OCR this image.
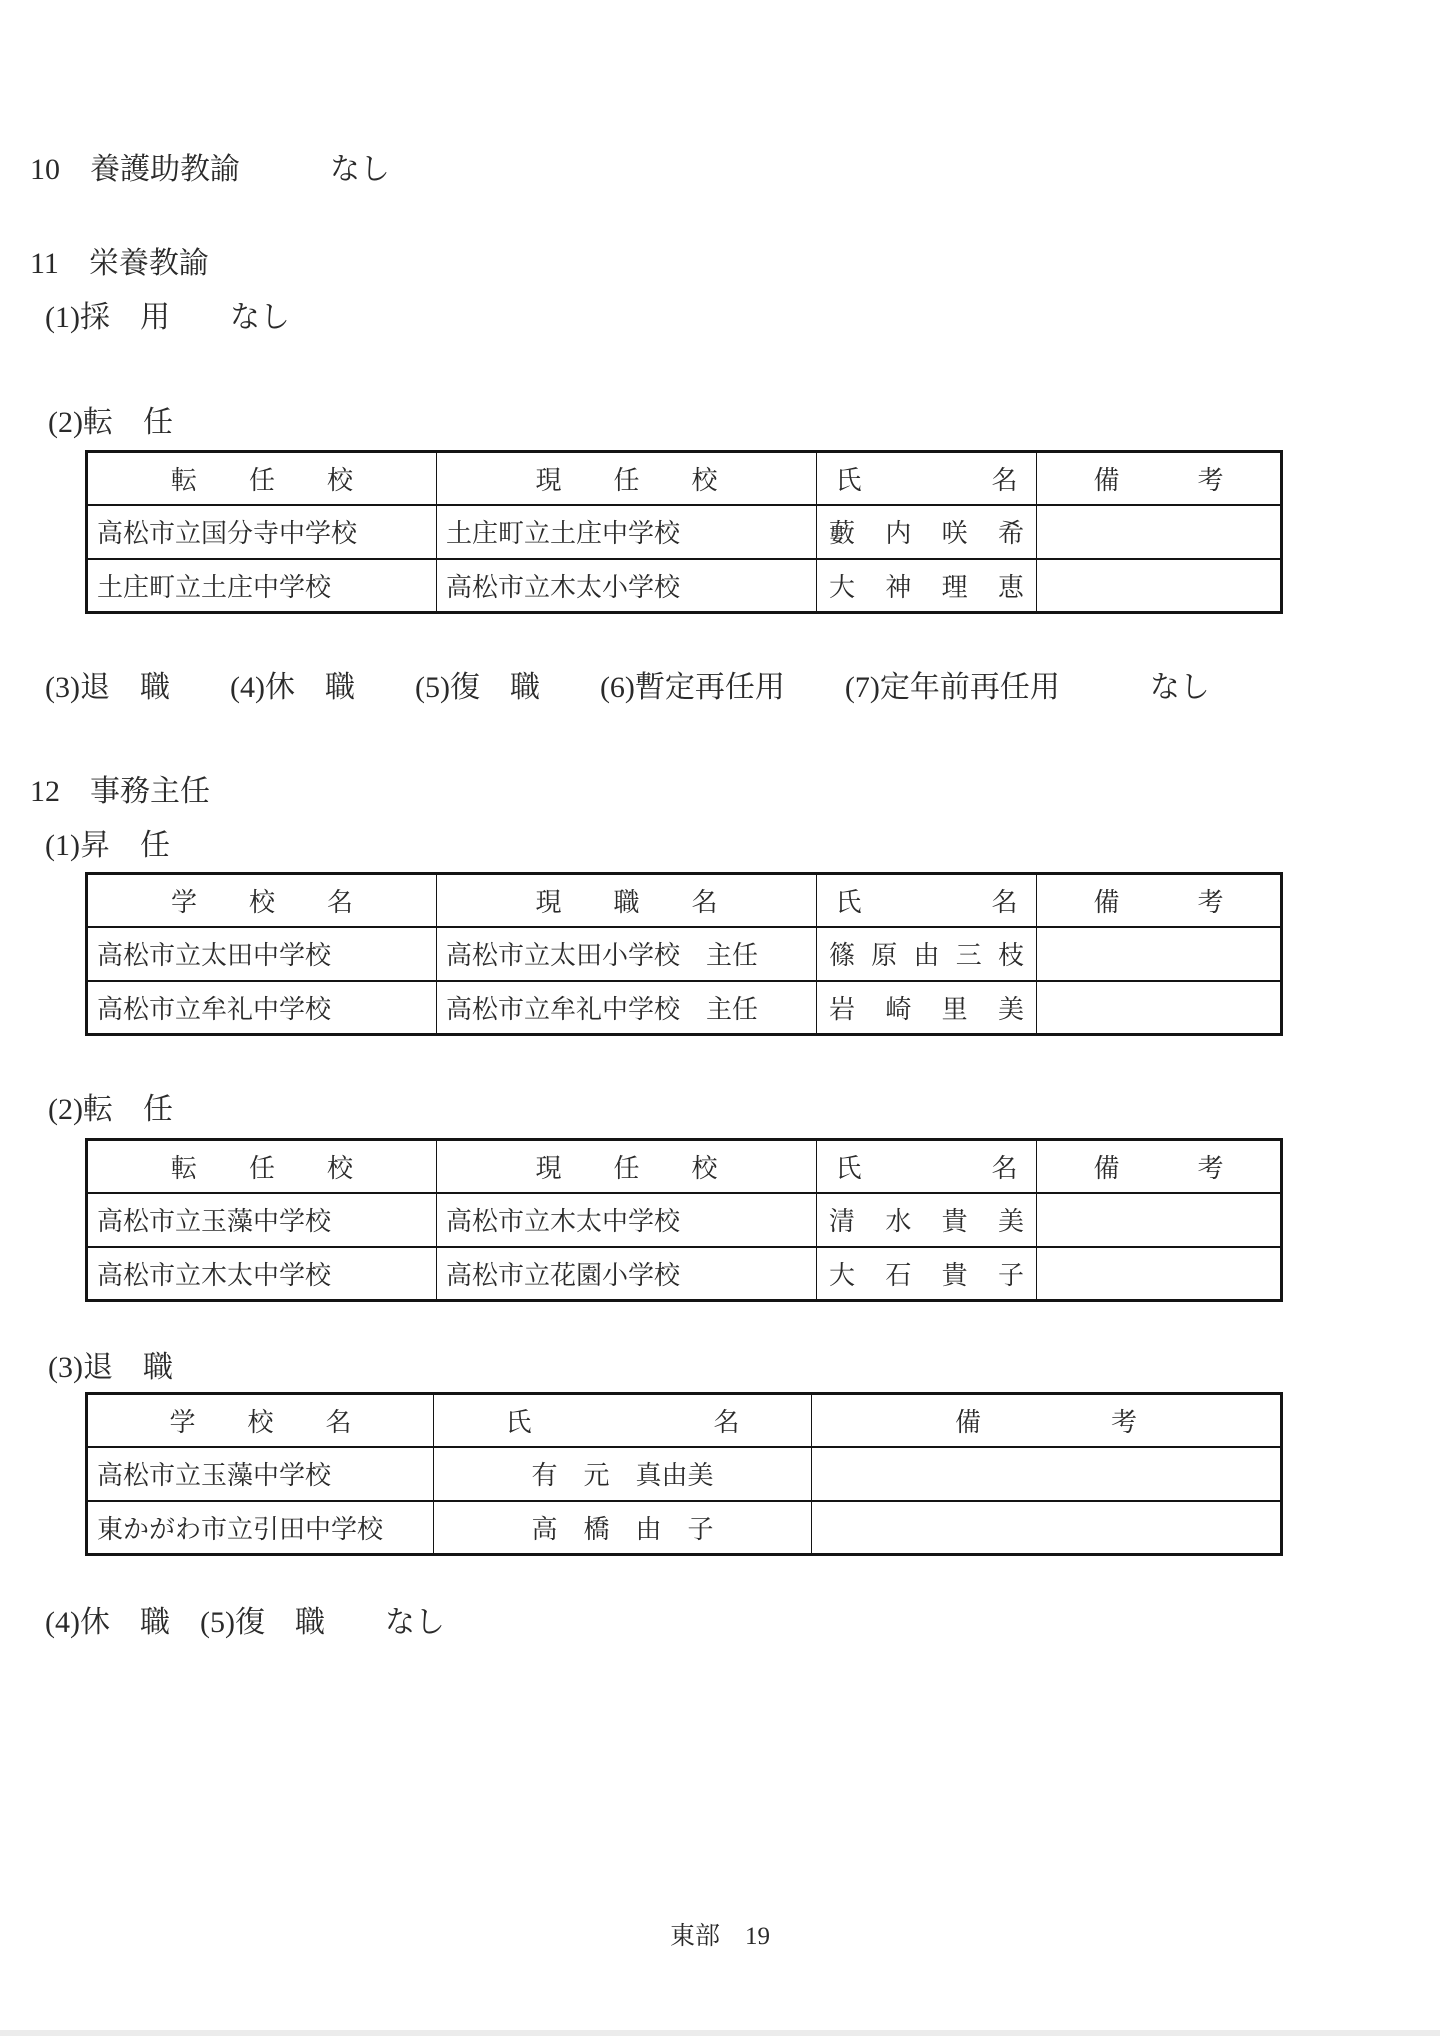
10　養護助教諭　　　なし
11　栄養教諭
(1)採　用　　なし
(2)転　任
転　　任　　校	現　　任　　校	氏　　　　　名	備　　　考
高松市立国分寺中学校	土庄町立土庄中学校	藪 内 咲 希	
土庄町立土庄中学校	高松市立木太小学校	大 神 理 恵	
(3)退　職　　(4)休　職　　(5)復　職　　(6)暫定再任用　　(7)定年前再任用　　　なし
12　事務主任
(1)昇　任
学　　校　　名	現　　職　　名	氏　　　　　名	備　　　考
高松市立太田中学校	高松市立太田小学校　主任	篠 原 由 三 枝	
高松市立牟礼中学校	高松市立牟礼中学校　主任	岩 崎 里 美	
(2)転　任
転　　任　　校	現　　任　　校	氏　　　　　名	備　　　考
高松市立玉藻中学校	高松市立木太中学校	清 水 貴 美	
高松市立木太中学校	高松市立花園小学校	大 石 貴 子	
(3)退　職
学　　校　　名	氏　　　　　　　名	備　　　　　考
高松市立玉藻中学校	有　元　真由美	
東かがわ市立引田中学校	高　橋　由　子	
(4)休　職　(5)復　職　　なし
東部　19
